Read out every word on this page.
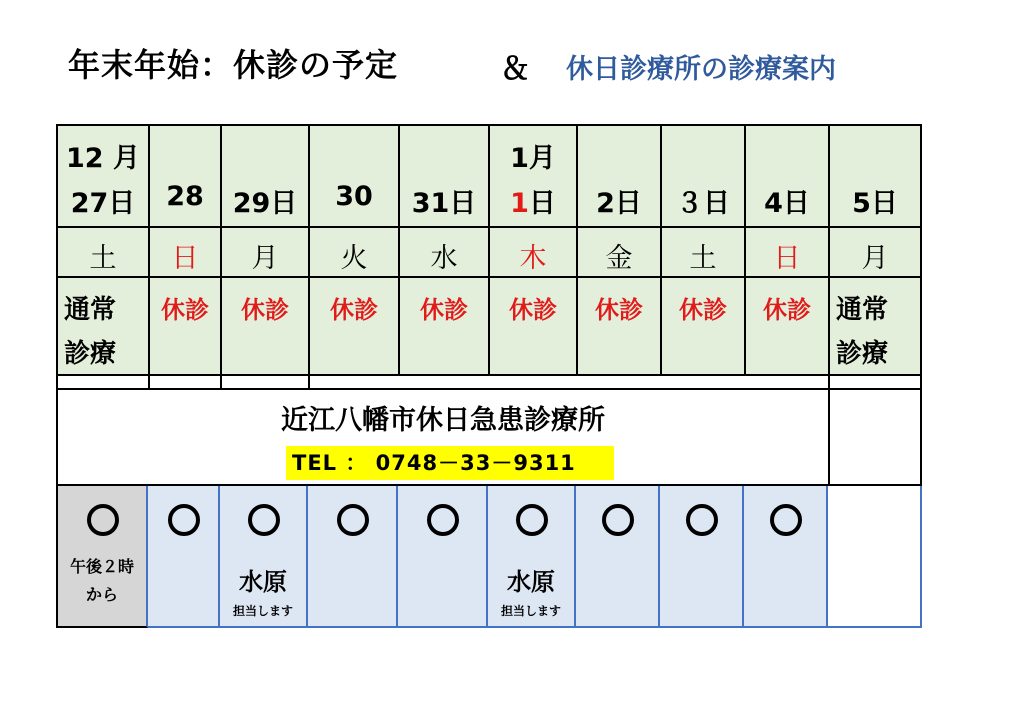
年末年始：休診の予定	＆ 休日診療所の診療案内
12 月
27日
土
通常
診療
28
日
休診
29日
月
休診
30
火
休診
31日
水
休診
1月
1日
木
休診
2日
金
休診
３日
土
休診
4日
日
休診
5日
月
通常
診療
近江八幡市休日急患診療所
TEL ： 0748－33－9311
午後２時
から	水原
担当します
水原
担当します
